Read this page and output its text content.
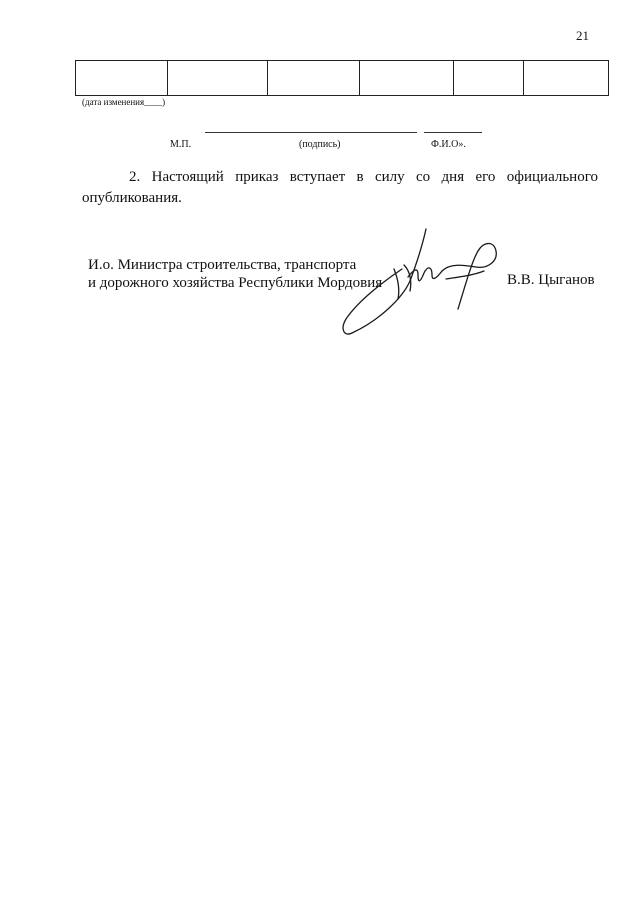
21

(дата изменения____)
М.П.	(подпись)	Ф.И.О».

2. Настоящий приказ вступает в силу со дня его официального опубликования.

И.о. Министра строительства, транспорта
и дорожного хозяйства Республики Мордовия	В.В. Цыганов
